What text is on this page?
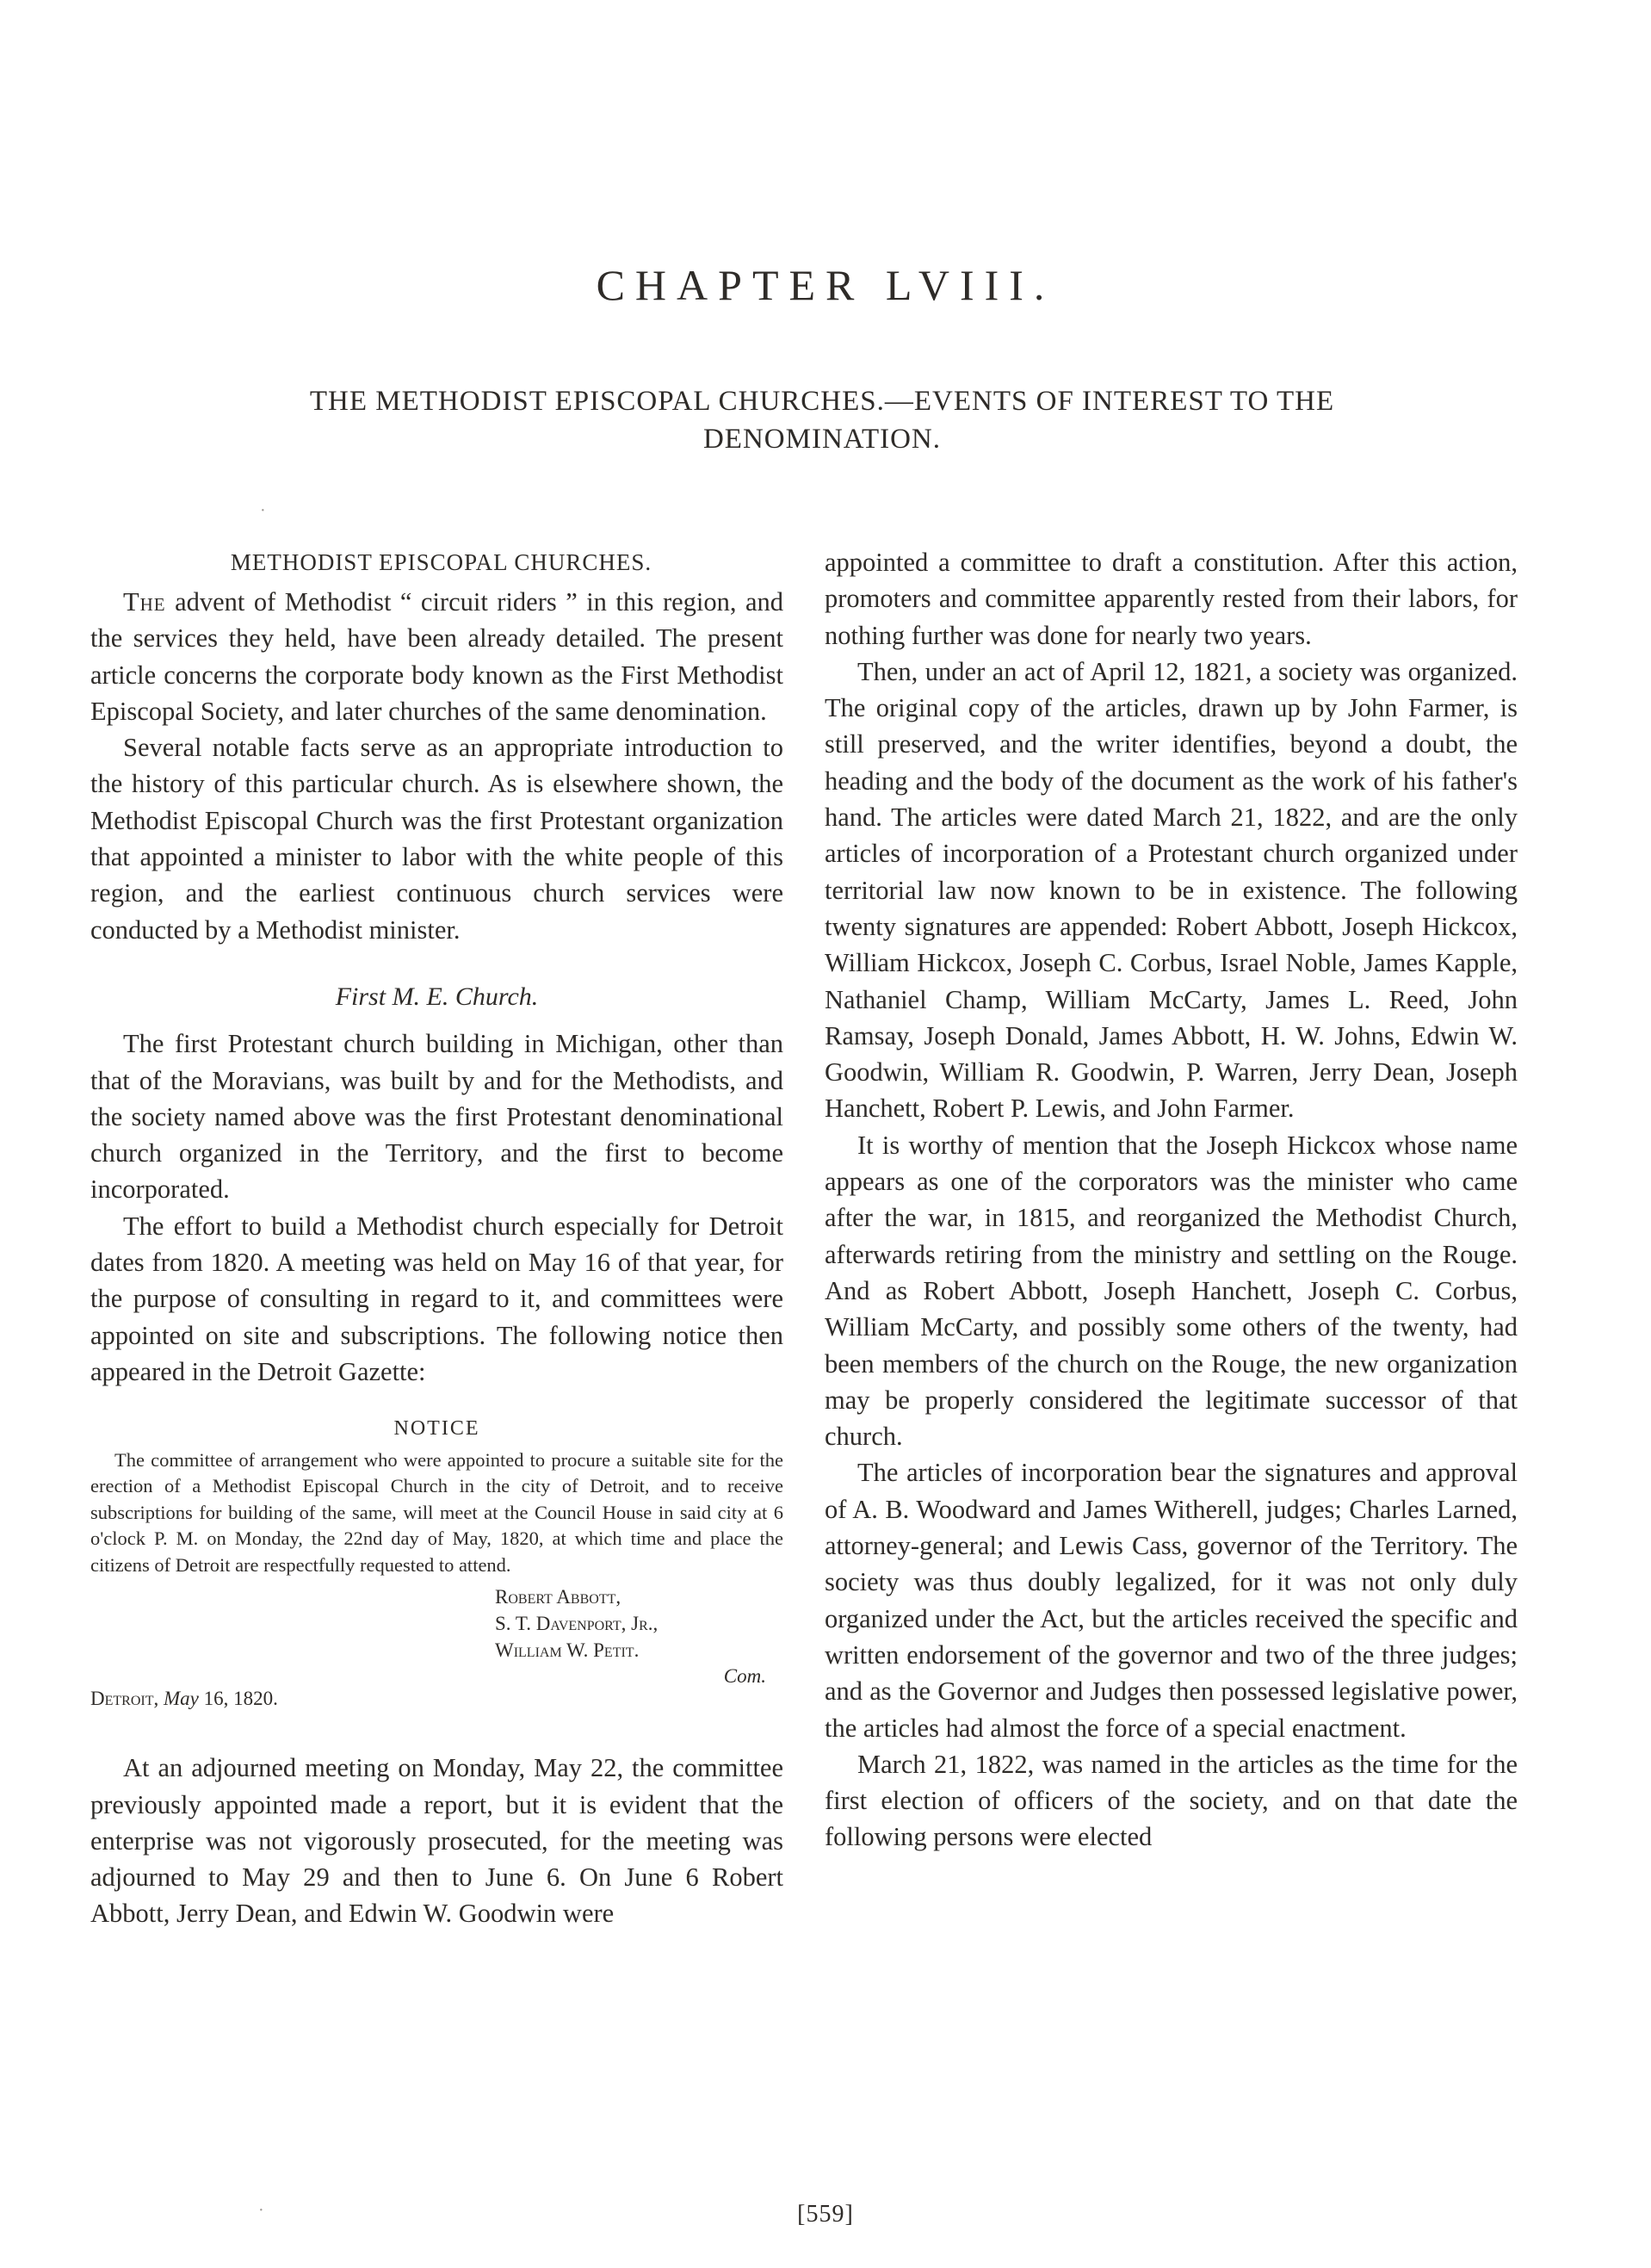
CHAPTER LVIII.
THE METHODIST EPISCOPAL CHURCHES.—EVENTS OF INTEREST TO THE
DENOMINATION.
·
METHODIST EPISCOPAL CHURCHES.

The advent of Methodist “ circuit riders ” in this region, and the services they held, have been already detailed. The present article concerns the corporate body known as the First Methodist Episcopal Society, and later churches of the same denomination.

Several notable facts serve as an appropriate introduction to the history of this particular church. As is elsewhere shown, the Methodist Episcopal Church was the first Protestant organization that appointed a minister to labor with the white people of this region, and the earliest continuous church services were conducted by a Methodist minister.

First M. E. Church.

The first Protestant church building in Michigan, other than that of the Moravians, was built by and for the Methodists, and the society named above was the first Protestant denominational church organized in the Territory, and the first to become incorporated.

The effort to build a Methodist church especially for Detroit dates from 1820. A meeting was held on May 16 of that year, for the purpose of consulting in regard to it, and committees were appointed on site and subscriptions. The following notice then appeared in the Detroit Gazette:

NOTICE
The committee of arrangement who were appointed to procure a suitable site for the erection of a Methodist Episcopal Church in the city of Detroit, and to receive subscriptions for building of the same, will meet at the Council House in said city at 6 o'clock P. M. on Monday, the 22nd day of May, 1820, at which time and place the citizens of Detroit are respectfully requested to attend.
Robert Abbott,
S. T. Davenport, Jr.,
William W. Petit.
Detroit, May 16, 1820.
Com.

At an adjourned meeting on Monday, May 22, the committee previously appointed made a report, but it is evident that the enterprise was not vigorously prosecuted, for the meeting was adjourned to May 29 and then to June 6. On June 6 Robert Abbott, Jerry Dean, and Edwin W. Goodwin were

appointed a committee to draft a constitution. After this action, promoters and committee apparently rested from their labors, for nothing further was done for nearly two years.

Then, under an act of April 12, 1821, a society was organized. The original copy of the articles, drawn up by John Farmer, is still preserved, and the writer identifies, beyond a doubt, the heading and the body of the document as the work of his father's hand. The articles were dated March 21, 1822, and are the only articles of incorporation of a Protestant church organized under territorial law now known to be in existence. The following twenty signatures are appended: Robert Abbott, Joseph Hickcox, William Hickcox, Joseph C. Corbus, Israel Noble, James Kapple, Nathaniel Champ, William McCarty, James L. Reed, John Ramsay, Joseph Donald, James Abbott, H. W. Johns, Edwin W. Goodwin, William R. Goodwin, P. Warren, Jerry Dean, Joseph Hanchett, Robert P. Lewis, and John Farmer.

It is worthy of mention that the Joseph Hickcox whose name appears as one of the corporators was the minister who came after the war, in 1815, and reorganized the Methodist Church, afterwards retiring from the ministry and settling on the Rouge. And as Robert Abbott, Joseph Hanchett, Joseph C. Corbus, William McCarty, and possibly some others of the twenty, had been members of the church on the Rouge, the new organization may be properly considered the legitimate successor of that church.

The articles of incorporation bear the signatures and approval of A. B. Woodward and James Witherell, judges; Charles Larned, attorney-general; and Lewis Cass, governor of the Territory. The society was thus doubly legalized, for it was not only duly organized under the Act, but the articles received the specific and written endorsement of the governor and two of the three judges; and as the Governor and Judges then possessed legislative power, the articles had almost the force of a special enactment.

March 21, 1822, was named in the articles as the time for the first election of officers of the society, and on that date the following persons were elected

·	[559]
